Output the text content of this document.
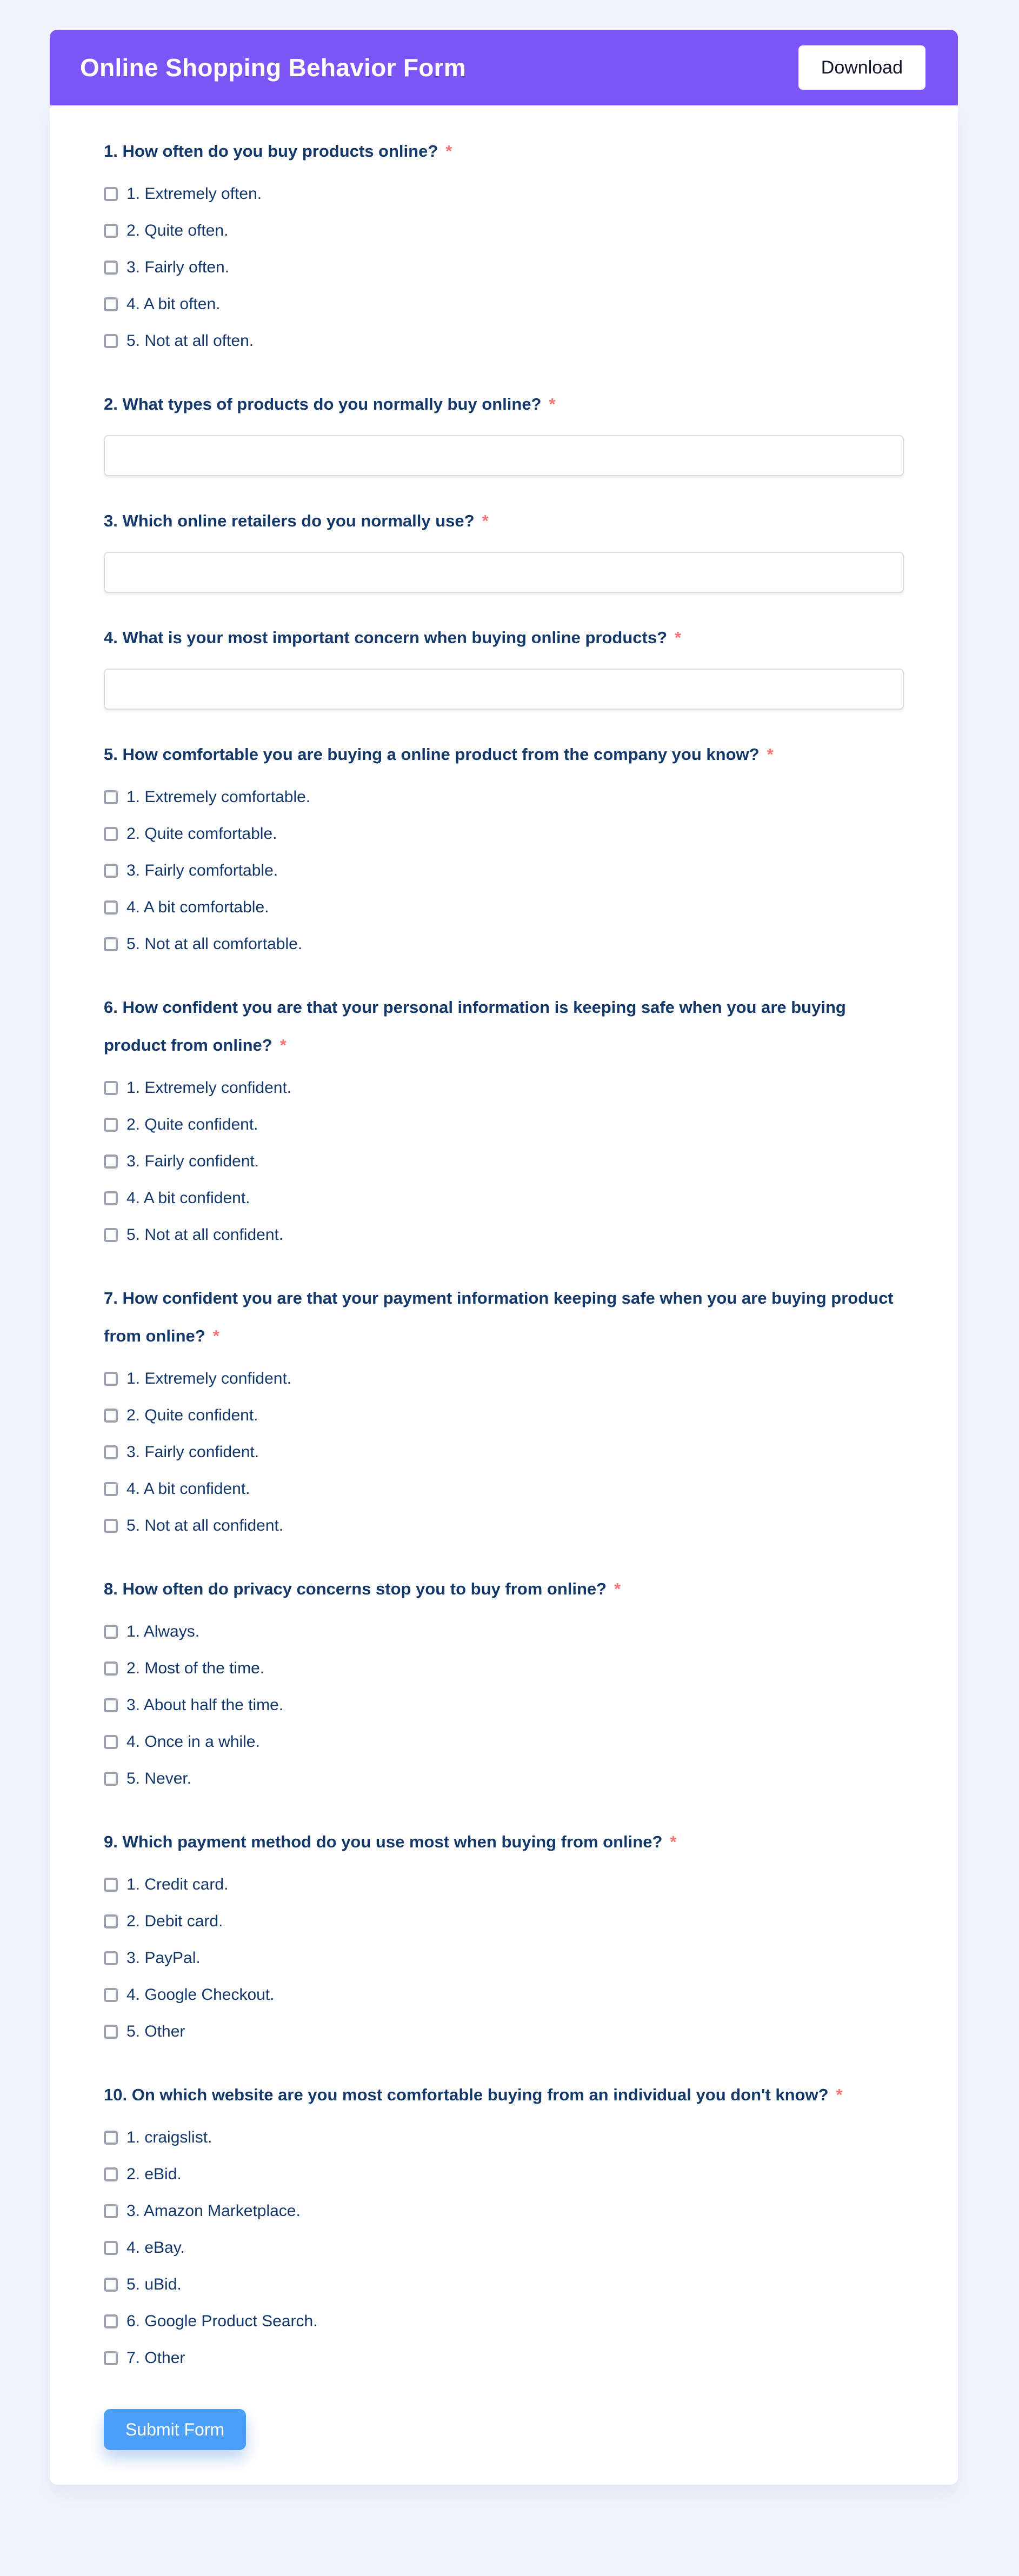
Online Shopping Behavior Form	Download
1. How often do you buy products online? *
1. Extremely often.
2. Quite often.
3. Fairly often.
4. A bit often.
5. Not at all often.
2. What types of products do you normally buy online? *
3. Which online retailers do you normally use? *
4. What is your most important concern when buying online products? *
5. How comfortable you are buying a online product from the company you know? *
1. Extremely comfortable.
2. Quite comfortable.
3. Fairly comfortable.
4. A bit comfortable.
5. Not at all comfortable.
6. How confident you are that your personal information is keeping safe when you are buying product from online? *
1. Extremely confident.
2. Quite confident.
3. Fairly confident.
4. A bit confident.
5. Not at all confident.
7. How confident you are that your payment information keeping safe when you are buying product from online? *
1. Extremely confident.
2. Quite confident.
3. Fairly confident.
4. A bit confident.
5. Not at all confident.
8. How often do privacy concerns stop you to buy from online? *
1. Always.
2. Most of the time.
3. About half the time.
4. Once in a while.
5. Never.
9. Which payment method do you use most when buying from online? *
1. Credit card.
2. Debit card.
3. PayPal.
4. Google Checkout.
5. Other
10. On which website are you most comfortable buying from an individual you don't know? *
1. craigslist.
2. eBid.
3. Amazon Marketplace.
4. eBay.
5. uBid.
6. Google Product Search.
7. Other
Submit Form
